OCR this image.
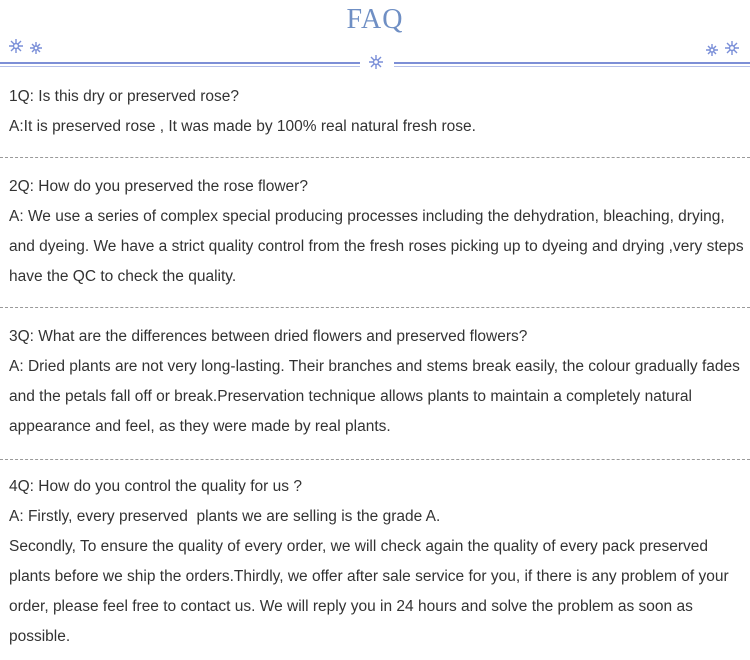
FAQ

1Q: Is this dry or preserved rose?

A:It is preserved rose , It was made by 100% real natural fresh rose.

2Q: How do you preserved the rose flower?

A: We use a series of complex special producing processes including the dehydration, bleaching, drying, and dyeing. We have a strict quality control from the fresh roses picking up to dyeing and drying ,very steps have the QC to check the quality.

3Q: What are the differences between dried flowers and preserved flowers?

A: Dried plants are not very long-lasting. Their branches and stems break easily, the colour gradually fades and the petals fall off or break.Preservation technique allows plants to maintain a completely natural appearance and feel, as they were made by real plants.

4Q: How do you control the quality for us ?

A: Firstly, every preserved  plants we are selling is the grade A.

Secondly, To ensure the quality of every order, we will check again the quality of every pack preserved plants before we ship the orders.Thirdly, we offer after sale service for you, if there is any problem of your order, please feel free to contact us. We will reply you in 24 hours and solve the problem as soon as possible.
